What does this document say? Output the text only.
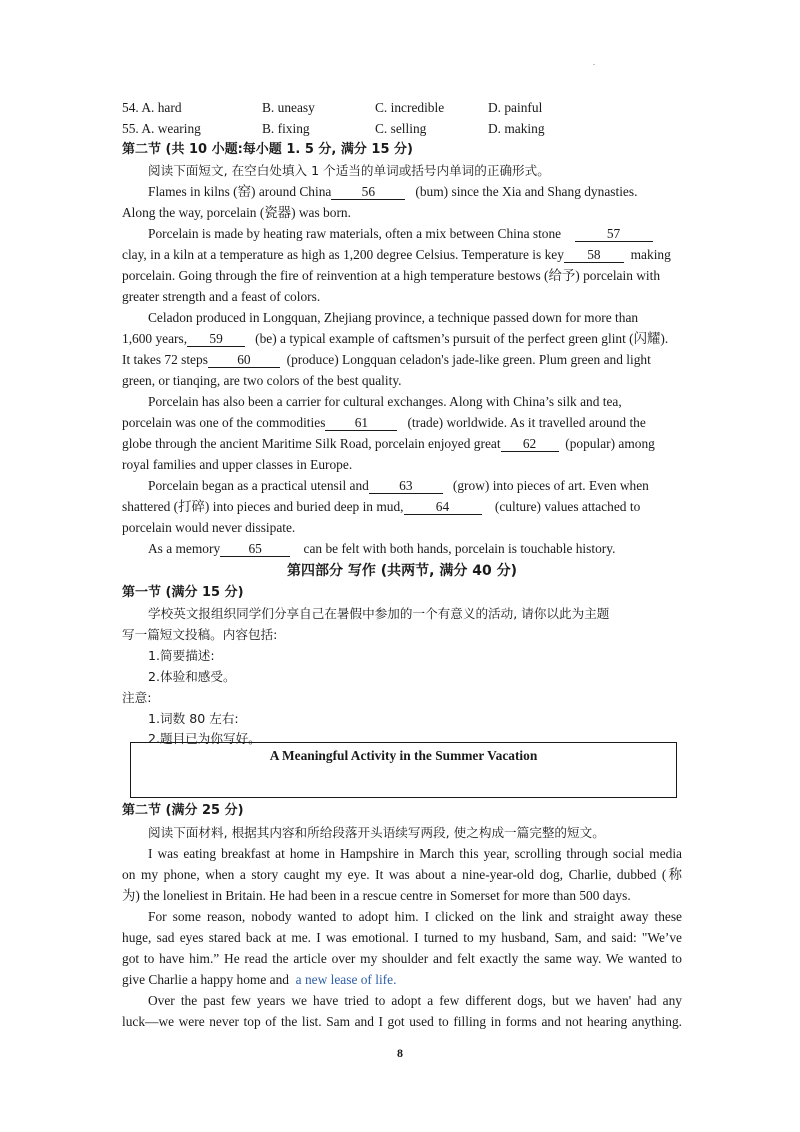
.
54. A. hard	B. uneasy	C. incredible	D. painful
55. A. wearing	B. fixing	C. selling	D. making
第二节 (共 10 小题:每小题 1. 5 分, 满分 15 分)
阅读下面短文, 在空白处填入 1 个适当的单词或括号内单词的正确形式。
Flames in kilns (窑) around China 56	(bum) since the Xia and Shang dynasties.
Along the way, porcelain (瓷器) was born.
Porcelain is made by heating raw materials, often a mix between China stone	57
clay, in a kiln at a temperature as high as 1,200 degree Celsius. Temperature is key 58 making
porcelain. Going through the fire of reinvention at a high temperature bestows (给予) porcelain with
greater strength and a feast of colors.
Celadon produced in Longquan, Zhejiang province, a technique passed down for more than
1,600 years, 59 (be) a typical example of caftsmen’s pursuit of the perfect green glint (闪耀).
It takes 72 steps 60	(produce) Longquan celadon's jade-like green. Plum green and light
green, or tianqing, are two colors of the best quality.
Porcelain has also been a carrier for cultural exchanges. Along with China’s silk and tea,
porcelain was one of the commodities 61	(trade) worldwide. As it travelled around the
globe through the ancient Maritime Silk Road, porcelain enjoyed great 62 (popular) among
royal families and upper classes in Europe.
Porcelain began as a practical utensil and 63	(grow) into pieces of art. Even when
shattered (打碎) into pieces and buried deep in mud, 64	(culture) values attached to
porcelain would never dissipate.
As a memory 65	can be felt with both hands, porcelain is touchable history.
第四部分 写作 (共两节, 满分 40 分)
第一节 (满分 15 分)
学校英文报组织同学们分享自己在暑假中参加的一个有意义的活动, 请你以此为主题
写一篇短文投稿。内容包括:
1.简要描述:
2.体验和感受。
注意:
1.词数 80 左右:
2.题目已为你写好。
A Meaningful Activity in the Summer Vacation
第二节 (满分 25 分)
阅读下面材料, 根据其内容和所给段落开头语续写两段, 使之构成一篇完整的短文。
I was eating breakfast at home in Hampshire in March this year, scrolling through social media
on my phone, when a story caught my eye. It was about a nine-year-old dog, Charlie, dubbed (称
为) the loneliest in Britain. He had been in a rescue centre in Somerset for more than 500 days.
For some reason, nobody wanted to adopt him. I clicked on the link and straight away these
huge, sad eyes stared back at me. I was emotional. I turned to my husband, Sam, and said: "We’ve
got to have him.” He read the article over my shoulder and felt exactly the same way. We wanted to
give Charlie a happy home and a new lease of life.
Over the past few years we have tried to adopt a few different dogs, but we haven' had any
luck—we were never top of the list. Sam and I got used to filling in forms and not hearing anything.
8
